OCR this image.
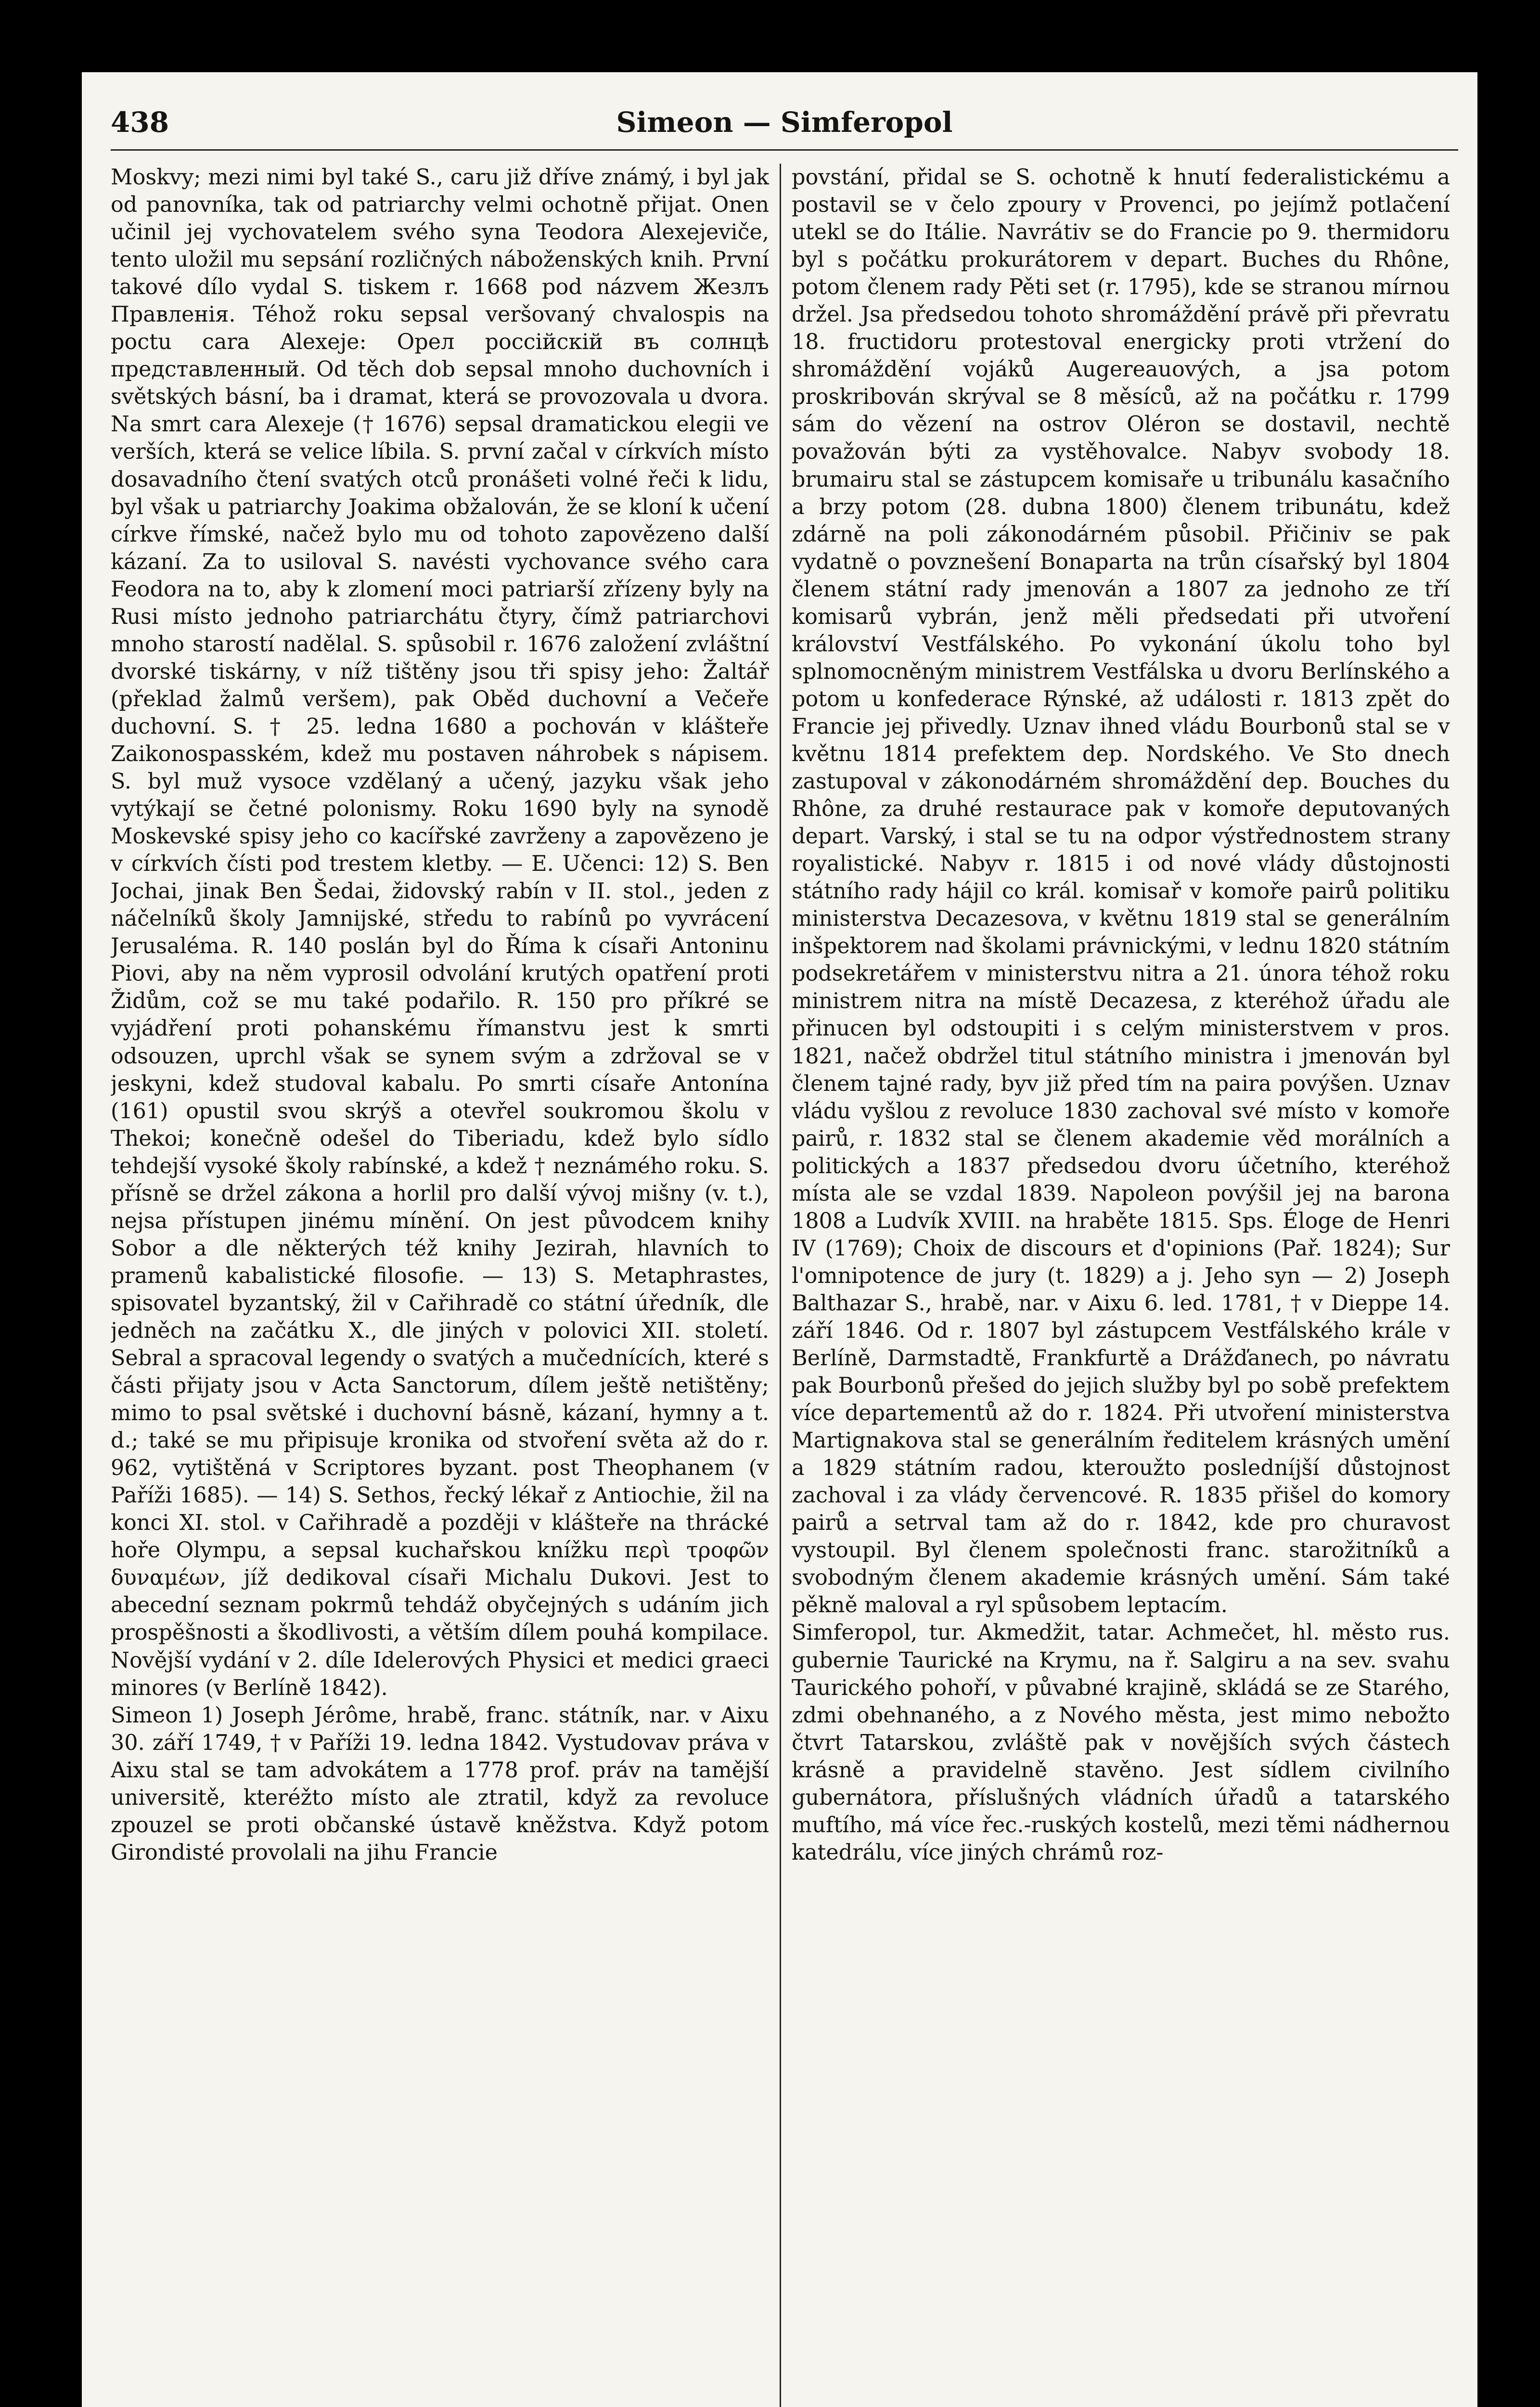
438	Simeon — Simferopol

Moskvy; mezi nimi byl také S., caru již dříve známý, i byl jak od panovníka, tak od patriarchy velmi ochotně přijat. Onen učinil jej vychovatelem svého syna Teodora Alexejeviče, tento uložil mu sepsání rozličných náboženských knih. První takové dílo vydal S. tiskem r. 1668 pod názvem Жезлъ Правленія. Téhož roku sepsal veršovaný chvalospis na poctu cara Alexeje: Орел россійскій въ солнцѣ представленный. Od těch dob sepsal mnoho duchovních i světských básní, ba i dramat, která se provozovala u dvora. Na smrt cara Alexeje († 1676) sepsal dramatickou elegii ve verších, která se velice líbila. S. první začal v církvích místo dosavadního čtení svatých otců pronášeti volné řeči k lidu, byl však u patriarchy Joakima obžalován, že se kloní k učení církve římské, načež bylo mu od tohoto zapovězeno další kázaní. Za to usiloval S. navésti vychovance svého cara Feodora na to, aby k zlomení moci patriarší zřízeny byly na Rusi místo jednoho patriarchátu čtyry, čímž patriarchovi mnoho starostí nadělal. S. spůsobil r. 1676 založení zvláštní dvorské tiskárny, v níž tištěny jsou tři spisy jeho: Žaltář (překlad žalmů veršem), pak Oběd duchovní a Večeře duchovní. S. † 25. ledna 1680 a pochován v klášteře Zaikonospasském, kdež mu postaven náhrobek s nápisem. S. byl muž vysoce vzdělaný a učený, jazyku však jeho vytýkají se četné polonismy. Roku 1690 byly na synodě Moskevské spisy jeho co kacířské zavrženy a zapovězeno je v církvích čísti pod trestem kletby. — E. Učenci: 12) S. Ben Jochai, jinak Ben Šedai, židovský rabín v II. stol., jeden z náčelníků školy Jamnijské, středu to rabínů po vyvrácení Jerusaléma. R. 140 poslán byl do Říma k císaři Antoninu Piovi, aby na něm vyprosil odvolání krutých opatření proti Židům, což se mu také podařilo. R. 150 pro příkré se vyjádření proti pohanskému římanstvu jest k smrti odsouzen, uprchl však se synem svým a zdržoval se v jeskyni, kdež studoval kabalu. Po smrti císaře Antonína (161) opustil svou skrýš a otevřel soukromou školu v Thekoi; konečně odešel do Tiberiadu, kdež bylo sídlo tehdejší vysoké školy rabínské, a kdež † neznámého roku. S. přísně se držel zákona a horlil pro další vývoj mišny (v. t.), nejsa přístupen jinému mínění. On jest původcem knihy Sobor a dle některých též knihy Jezirah, hlavních to pramenů kabalistické filosofie. — 13) S. Metaphrastes, spisovatel byzantský, žil v Cařihradě co státní úředník, dle jedněch na začátku X., dle jiných v polovici XII. století. Sebral a spracoval legendy o svatých a mučednících, které s části přijaty jsou v Acta Sanctorum, dílem ještě netištěny; mimo to psal světské i duchovní básně, kázaní, hymny a t. d.; také se mu připisuje kronika od stvoření světa až do r. 962, vytištěná v Scriptores byzant. post Theophanem (v Paříži 1685). — 14) S. Sethos, řecký lékař z Antiochie, žil na konci XI. stol. v Cařihradě a později v klášteře na thrácké hoře Olympu, a sepsal kuchařskou knížku περὶ τροφῶν δυναμέων, jíž dedikoval císaři Michalu Dukovi. Jest to abecední seznam pokrmů tehdáž obyčejných s udáním jich prospěšnosti a škodlivosti, a větším dílem pouhá kompilace. Novější vydání v 2. díle Idelerových Physici et medici graeci minores (v Berlíně 1842).

Simeon 1) Joseph Jérôme, hrabě, franc. státník, nar. v Aixu 30. září 1749, † v Paříži 19. ledna 1842. Vystudovav práva v Aixu stal se tam advokátem a 1778 prof. práv na tamější universitě, kteréžto místo ale ztratil, když za revoluce zpouzel se proti občanské ústavě kněžstva. Když potom Girondisté provolali na jihu Francie

povstání, přidal se S. ochotně k hnutí federalistickému a postavil se v čelo zpoury v Provenci, po jejímž potlačení utekl se do Itálie. Navrátiv se do Francie po 9. thermidoru byl s počátku prokurátorem v depart. Buches du Rhône, potom členem rady Pěti set (r. 1795), kde se stranou mírnou držel. Jsa předsedou tohoto shromáždění právě při převratu 18. fructidoru protestoval energicky proti vtržení do shromáždění vojáků Augereauových, a jsa potom proskribován skrýval se 8 měsíců, až na počátku r. 1799 sám do vězení na ostrov Oléron se dostavil, nechtě považován býti za vystěhovalce. Nabyv svobody 18. brumairu stal se zástupcem komisaře u tribunálu kasačního a brzy potom (28. dubna 1800) členem tribunátu, kdež zdárně na poli zákonodárném působil. Přičiniv se pak vydatně o povznešení Bonaparta na trůn císařský byl 1804 členem státní rady jmenován a 1807 za jednoho ze tří komisarů vybrán, jenž měli předsedati při utvoření království Vestfálského. Po vykonání úkolu toho byl splnomocněným ministrem Vestfálska u dvoru Berlínského a potom u konfederace Rýnské, až události r. 1813 zpět do Francie jej přivedly. Uznav ihned vládu Bourbonů stal se v květnu 1814 prefektem dep. Nordského. Ve Sto dnech zastupoval v zákonodárném shromáždění dep. Bouches du Rhône, za druhé restaurace pak v komoře deputovaných depart. Varský, i stal se tu na odpor výstřednostem strany royalistické. Nabyv r. 1815 i od nové vlády důstojnosti státního rady hájil co král. komisař v komoře pairů politiku ministerstva Decazesova, v květnu 1819 stal se generálním inšpektorem nad školami právnickými, v lednu 1820 státním podsekretářem v ministerstvu nitra a 21. února téhož roku ministrem nitra na místě Decazesa, z kteréhož úřadu ale přinucen byl odstoupiti i s celým ministerstvem v pros. 1821, načež obdržel titul státního ministra i jmenován byl členem tajné rady, byv již před tím na paira povýšen. Uznav vládu vyšlou z revoluce 1830 zachoval své místo v komoře pairů, r. 1832 stal se členem akademie věd morálních a politických a 1837 předsedou dvoru účetního, kteréhož místa ale se vzdal 1839. Napoleon povýšil jej na barona 1808 a Ludvík XVIII. na hraběte 1815. Sps. Éloge de Henri IV (1769); Choix de discours et d'opinions (Pař. 1824); Sur l'omnipotence de jury (t. 1829) a j. Jeho syn — 2) Joseph Balthazar S., hrabě, nar. v Aixu 6. led. 1781, † v Dieppe 14. září 1846. Od r. 1807 byl zástupcem Vestfálského krále v Berlíně, Darmstadtě, Frankfurtě a Drážďanech, po návratu pak Bourbonů přešed do jejich služby byl po sobě prefektem více departementů až do r. 1824. Při utvoření ministerstva Martignakova stal se generálním ředitelem krásných umění a 1829 státním radou, kteroužto posledníjší důstojnost zachoval i za vlády červencové. R. 1835 přišel do komory pairů a setrval tam až do r. 1842, kde pro churavost vystoupil. Byl členem společnosti franc. starožitníků a svobodným členem akademie krásných umění. Sám také pěkně maloval a ryl spůsobem leptacím.

Simferopol, tur. Akmedžit, tatar. Achmečet, hl. město rus. gubernie Taurické na Krymu, na ř. Salgiru a na sev. svahu Taurického pohoří, v půvabné krajině, skládá se ze Starého, zdmi obehnaného, a z Nového města, jest mimo nebožto čtvrt Tatarskou, zvláště pak v novějších svých částech krásně a pravidelně stavěno. Jest sídlem civilního gubernátora, příslušných vládních úřadů a tatarského muftího, má více řec.-ruských kostelů, mezi těmi nádhernou katedrálu, více jiných chrámů roz-
